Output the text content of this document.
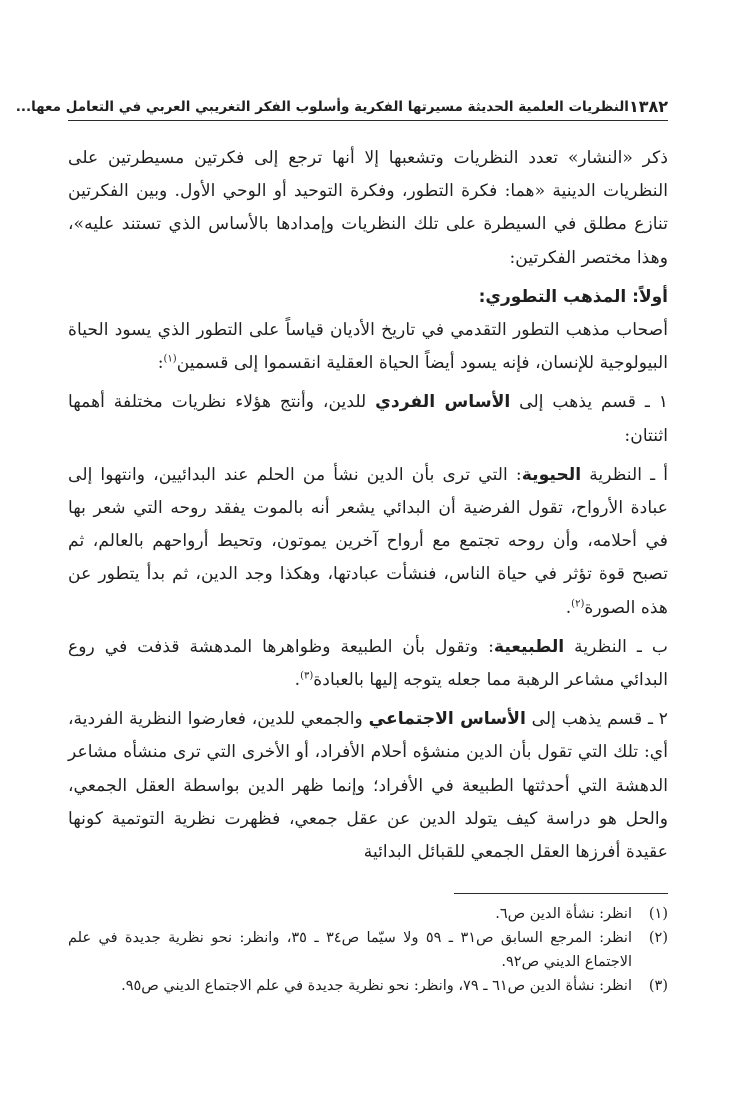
١٣٨٢
النظريات العلمية الحديثة مسيرتها الفكرية وأسلوب الفكر التغريبي العربي في التعامل معها...

ذكر «النشار» تعدد النظريات وتشعبها إلا أنها ترجع إلى فكرتين مسيطرتين على النظريات الدينية «هما: فكرة التطور، وفكرة التوحيد أو الوحي الأول. وبين الفكرتين تنازع مطلق في السيطرة على تلك النظريات وإمدادها بالأساس الذي تستند عليه»، وهذا مختصر الفكرتين:

أولاً: المذهب التطوري:

أصحاب مذهب التطور التقدمي في تاريخ الأديان قياساً على التطور الذي يسود الحياة البيولوجية للإنسان، فإنه يسود أيضاً الحياة العقلية انقسموا إلى قسمين$^{(١)}$:

١ ـ قسم يذهب إلى الأساس الفردي للدين، وأنتج هؤلاء نظريات مختلفة أهمها اثنتان:

أ ـ النظرية الحيوية: التي ترى بأن الدين نشأ من الحلم عند البدائيين، وانتهوا إلى عبادة الأرواح، تقول الفرضية أن البدائي يشعر أنه بالموت يفقد روحه التي شعر بها في أحلامه، وأن روحه تجتمع مع أرواح آخرين يموتون، وتحيط أرواحهم بالعالم، ثم تصبح قوة تؤثر في حياة الناس، فنشأت عبادتها، وهكذا وجد الدين، ثم بدأ يتطور عن هذه الصورة$^{(٢)}$.

ب ـ النظرية الطبيعية: وتقول بأن الطبيعة وظواهرها المدهشة قذفت في روع البدائي مشاعر الرهبة مما جعله يتوجه إليها بالعبادة$^{(٣)}$.

٢ ـ قسم يذهب إلى الأساس الاجتماعي والجمعي للدين، فعارضوا النظرية الفردية، أي: تلك التي تقول بأن الدين منشؤه أحلام الأفراد، أو الأخرى التي ترى منشأه مشاعر الدهشة التي أحدثتها الطبيعة في الأفراد؛ وإنما ظهر الدين بواسطة العقل الجمعي، والحل هو دراسة كيف يتولد الدين عن عقل جمعي، فظهرت نظرية التوتمية كونها عقيدة أفرزها العقل الجمعي للقبائل البدائية

(١)
انظر: نشأة الدين ص٦.
(٢)
انظر: المرجع السابق ص٣١ ـ ٥٩ ولا سيّما ص٣٤ ـ ٣٥، وانظر: نحو نظرية جديدة في علم الاجتماع الديني ص٩٢.
(٣)
انظر: نشأة الدين ص٦١ ـ ٧٩، وانظر: نحو نظرية جديدة في علم الاجتماع الديني ص٩٥.
